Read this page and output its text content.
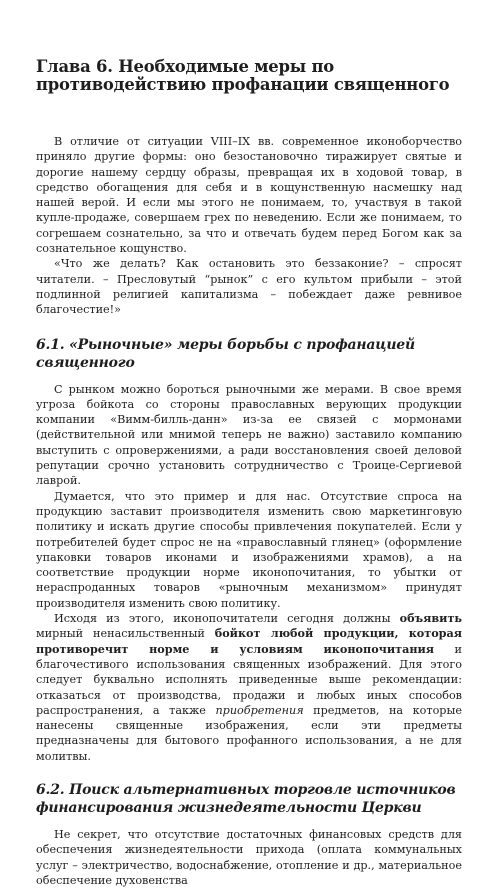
Глава 6. Необходимые меры по противодействию профанации священного

В отличие от ситуации VIII–IX вв. современное иконоборчество приняло другие формы: оно безостановочно тиражирует святые и дорогие нашему сердцу образы, превращая их в ходовой товар, в средство обогащения для себя и в кощунственную насмешку над нашей верой. И если мы этого не понимаем, то, участвуя в такой купле-продаже, совершаем грех по неведению. Если же понимаем, то согрешаем сознательно, за что и отвечать будем перед Богом как за сознательное кощунство.

«Что же делать? Как остановить это беззаконие? – спросят читатели. – Пресловутый “рынок” с его культом прибыли – этой подлинной религией капитализма – побеждает даже ревнивое благочестие!»

6.1. «Рыночные» меры борьбы с профанацией священного

С рынком можно бороться рыночными же мерами. В свое время угроза бойкота со стороны православных верующих продукции компании «Вимм-билль-данн» из-за ее связей с мормонами (действительной или мнимой теперь не важно) заставило компанию выступить с опровержениями, а ради восстановления своей деловой репутации срочно установить сотрудничество с Троице-Сергиевой лаврой.

Думается, что это пример и для нас. Отсутствие спроса на продукцию заставит производителя изменить свою маркетинговую политику и искать другие способы привлечения покупателей. Если у потребителей будет спрос не на «православный глянец» (оформление упаковки товаров иконами и изображениями храмов), а на соответствие продукции норме иконопочитания, то убытки от нераспроданных товаров «рыночным механизмом» принудят производителя изменить свою политику.

Исходя из этого, иконопочитатели сегодня должны объявить мирный ненасильственный бойкот любой продукции, которая противоречит норме и условиям иконопочитания и благочестивого использования священных изображений. Для этого следует буквально исполнять приведенные выше рекомендации: отказаться от производства, продажи и любых иных способов распространения, а также приобретения предметов, на которые нанесены священные изображения, если эти предметы предназначены для бытового профанного использования, а не для молитвы.

6.2. Поиск альтернативных торговле источников финансирования жизнедеятельности Церкви

Не секрет, что отсутствие достаточных финансовых средств для обеспечения жизнедеятельности прихода (оплата коммунальных услуг – электричество, водоснабжение, отопление и др., материальное обеспечение духовенства
